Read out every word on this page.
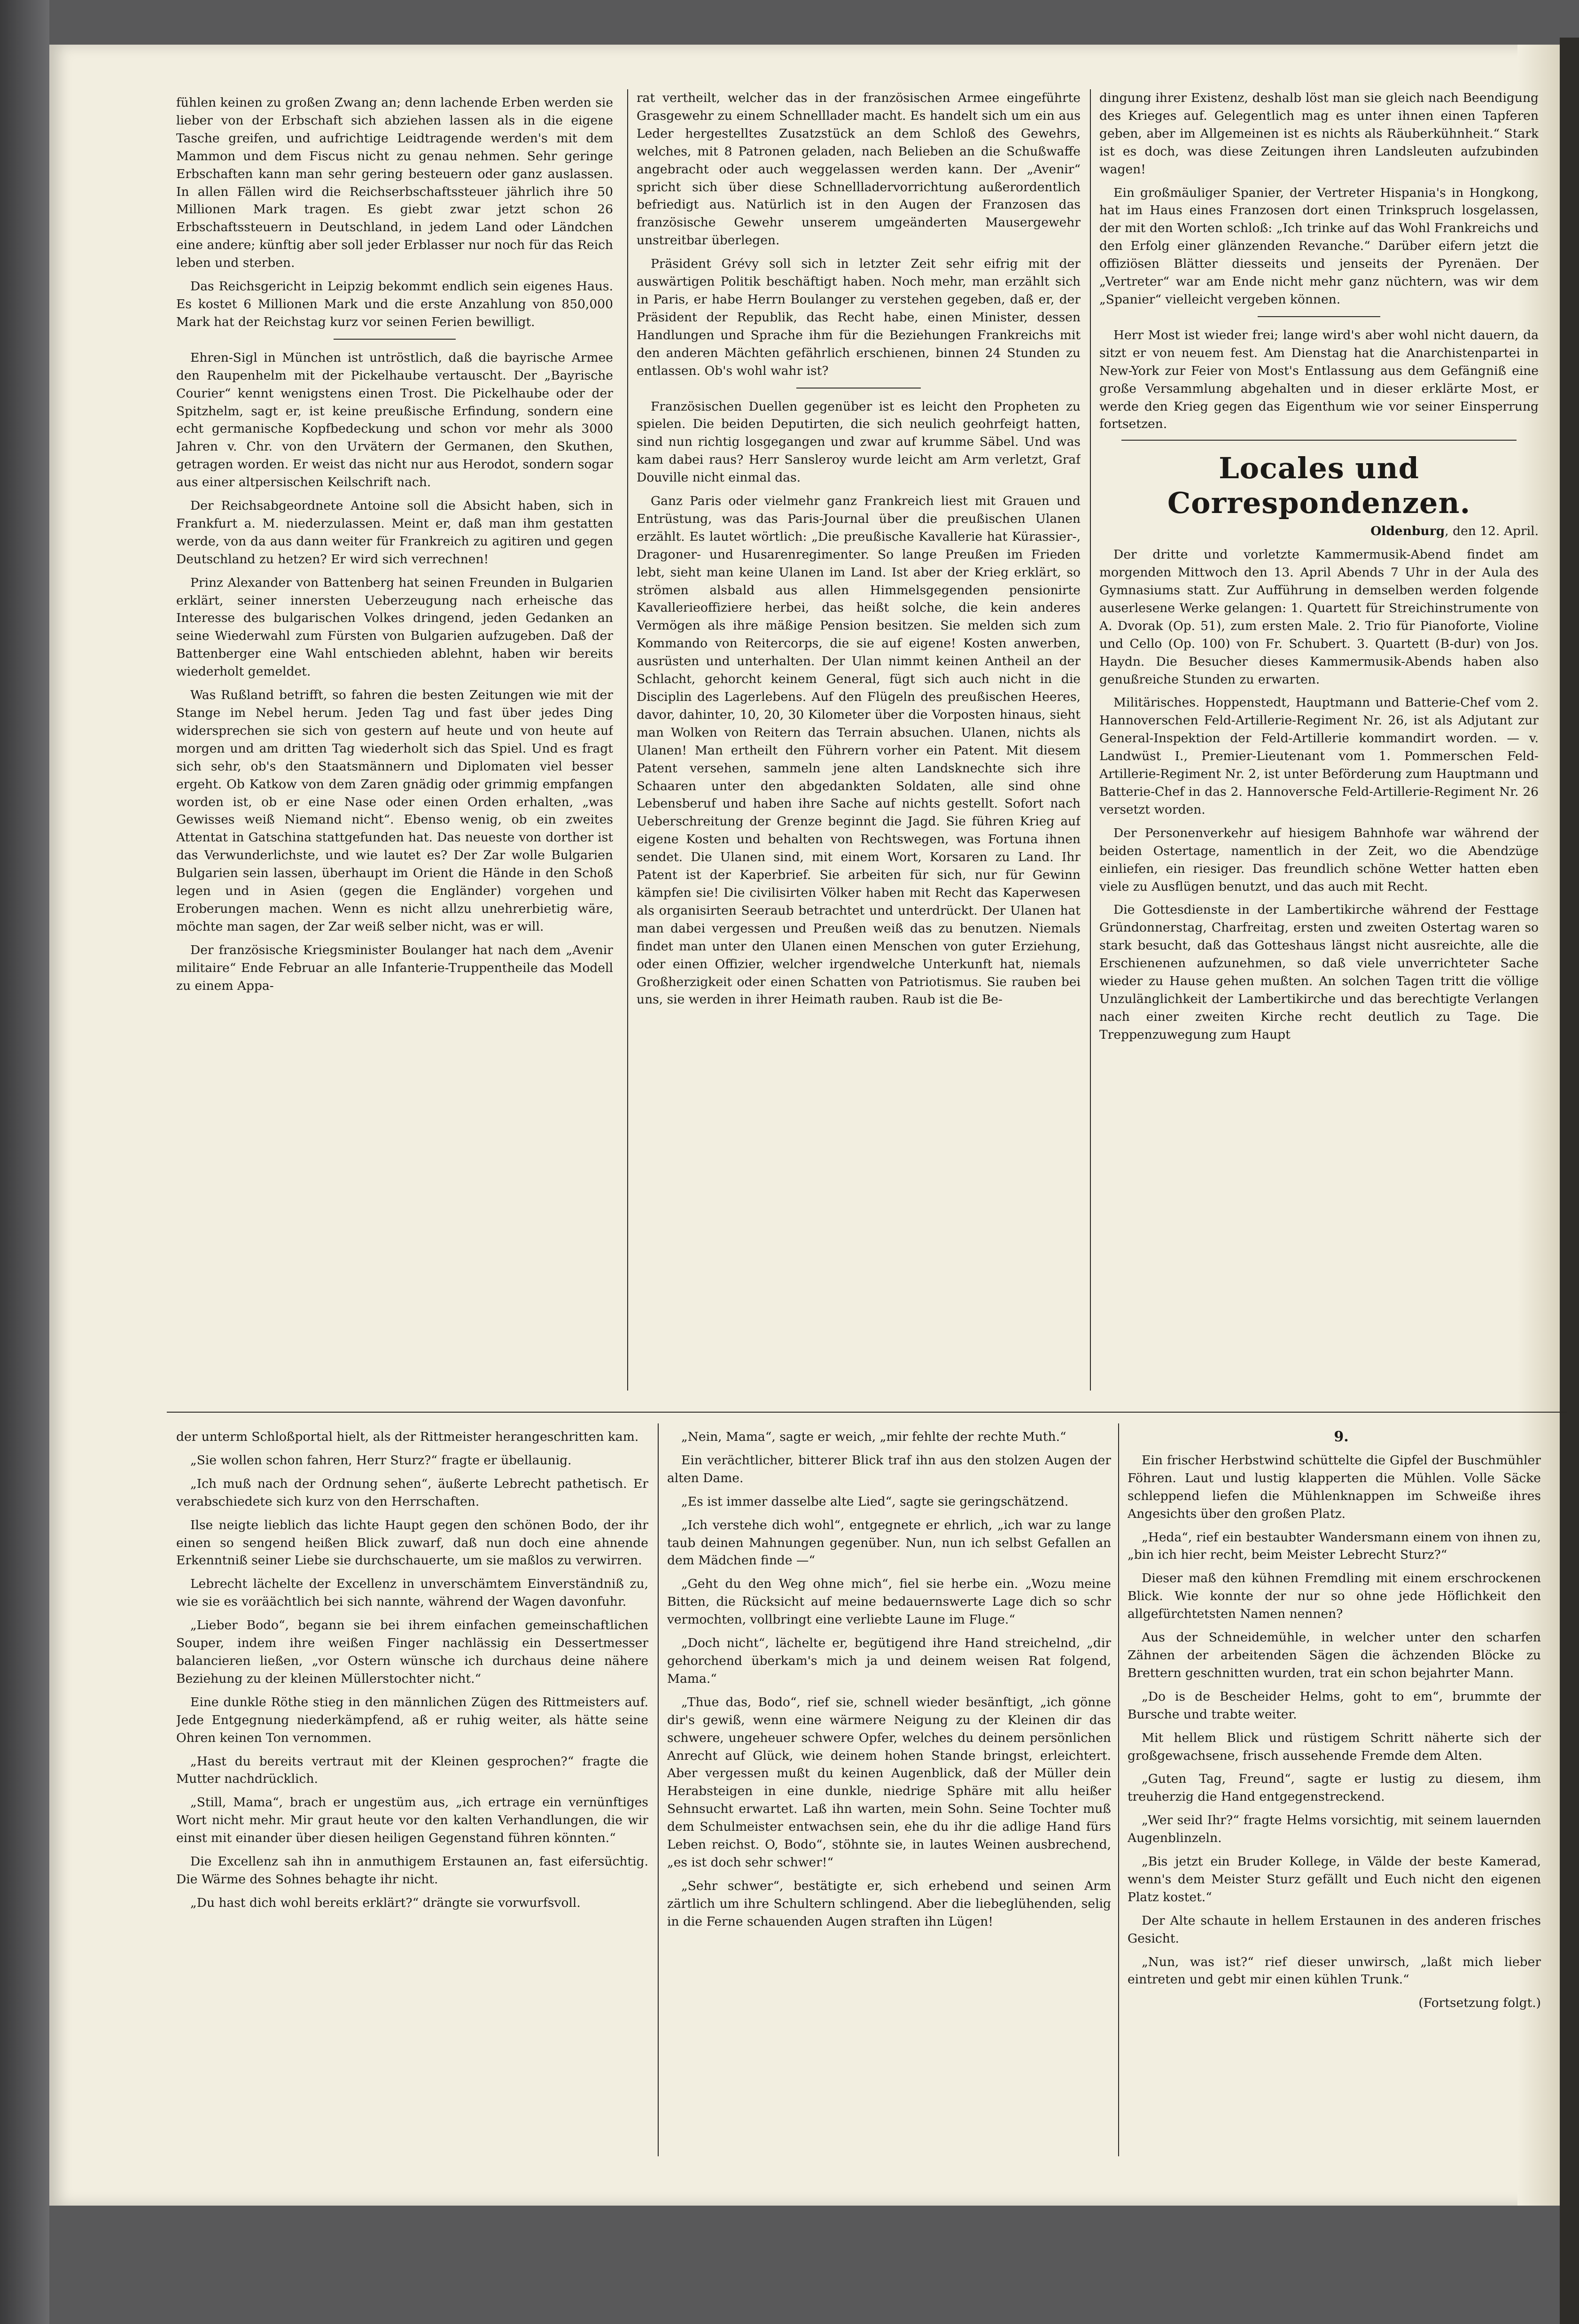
fühlen keinen zu großen Zwang an; denn lachende Erben werden sie lieber von der Erbschaft sich abziehen lassen als in die eigene Tasche greifen, und aufrichtige Leidtragende werden's mit dem Mammon und dem Fiscus nicht zu genau nehmen. Sehr geringe Erbschaften kann man sehr gering besteuern oder ganz auslassen. In allen Fällen wird die Reichserbschaftssteuer jährlich ihre 50 Millionen Mark tragen. Es giebt zwar jetzt schon 26 Erbschaftssteuern in Deutschland, in jedem Land oder Ländchen eine andere; künftig aber soll jeder Erblasser nur noch für das Reich leben und sterben.

Das Reichsgericht in Leipzig bekommt endlich sein eigenes Haus. Es kostet 6 Millionen Mark und die erste Anzahlung von 850,000 Mark hat der Reichstag kurz vor seinen Ferien bewilligt.

Ehren-Sigl in München ist untröstlich, daß die bayrische Armee den Raupenhelm mit der Pickelhaube vertauscht. Der „Bayrische Courier“ kennt wenigstens einen Trost. Die Pickelhaube oder der Spitzhelm, sagt er, ist keine preußische Erfindung, sondern eine echt germanische Kopfbedeckung und schon vor mehr als 3000 Jahren v. Chr. von den Urvätern der Germanen, den Skuthen, getragen worden. Er weist das nicht nur aus Herodot, sondern sogar aus einer altpersischen Keilschrift nach.

Der Reichsabgeordnete Antoine soll die Absicht haben, sich in Frankfurt a. M. niederzulassen. Meint er, daß man ihm gestatten werde, von da aus dann weiter für Frankreich zu agitiren und gegen Deutschland zu hetzen? Er wird sich verrechnen!

Prinz Alexander von Battenberg hat seinen Freunden in Bulgarien erklärt, seiner innersten Ueberzeugung nach erheische das Interesse des bulgarischen Volkes dringend, jeden Gedanken an seine Wiederwahl zum Fürsten von Bulgarien aufzugeben. Daß der Battenberger eine Wahl entschieden ablehnt, haben wir bereits wiederholt gemeldet.

Was Rußland betrifft, so fahren die besten Zeitungen wie mit der Stange im Nebel herum. Jeden Tag und fast über jedes Ding widersprechen sie sich von gestern auf heute und von heute auf morgen und am dritten Tag wiederholt sich das Spiel. Und es fragt sich sehr, ob's den Staatsmännern und Diplomaten viel besser ergeht. Ob Katkow von dem Zaren gnädig oder grimmig empfangen worden ist, ob er eine Nase oder einen Orden erhalten, „was Gewisses weiß Niemand nicht“. Ebenso wenig, ob ein zweites Attentat in Gatschina stattgefunden hat. Das neueste von dorther ist das Verwunderlichste, und wie lautet es? Der Zar wolle Bulgarien Bulgarien sein lassen, überhaupt im Orient die Hände in den Schoß legen und in Asien (gegen die Engländer) vorgehen und Eroberungen machen. Wenn es nicht allzu unehrerbietig wäre, möchte man sagen, der Zar weiß selber nicht, was er will.

Der französische Kriegsminister Boulanger hat nach dem „Avenir militaire“ Ende Februar an alle Infanterie-Truppentheile das Modell zu einem Appa-

rat vertheilt, welcher das in der französischen Armee eingeführte Grasgewehr zu einem Schnelllader macht. Es handelt sich um ein aus Leder hergestelltes Zusatzstück an dem Schloß des Gewehrs, welches, mit 8 Patronen geladen, nach Belieben an die Schußwaffe angebracht oder auch weggelassen werden kann. Der „Avenir“ spricht sich über diese Schnellladervorrichtung außerordentlich befriedigt aus. Natürlich ist in den Augen der Franzosen das französische Gewehr unserem umgeänderten Mausergewehr unstreitbar überlegen.

Präsident Grévy soll sich in letzter Zeit sehr eifrig mit der auswärtigen Politik beschäftigt haben. Noch mehr, man erzählt sich in Paris, er habe Herrn Boulanger zu verstehen gegeben, daß er, der Präsident der Republik, das Recht habe, einen Minister, dessen Handlungen und Sprache ihm für die Beziehungen Frankreichs mit den anderen Mächten gefährlich erschienen, binnen 24 Stunden zu entlassen. Ob's wohl wahr ist?

Französischen Duellen gegenüber ist es leicht den Propheten zu spielen. Die beiden Deputirten, die sich neulich geohrfeigt hatten, sind nun richtig losgegangen und zwar auf krumme Säbel. Und was kam dabei raus? Herr Sansleroy wurde leicht am Arm verletzt, Graf Douville nicht einmal das.

Ganz Paris oder vielmehr ganz Frankreich liest mit Grauen und Entrüstung, was das Paris-Journal über die preußischen Ulanen erzählt. Es lautet wörtlich: „Die preußische Kavallerie hat Kürassier-, Dragoner- und Husarenregimenter. So lange Preußen im Frieden lebt, sieht man keine Ulanen im Land. Ist aber der Krieg erklärt, so strömen alsbald aus allen Himmelsgegenden pensionirte Kavallerieoffiziere herbei, das heißt solche, die kein anderes Vermögen als ihre mäßige Pension besitzen. Sie melden sich zum Kommando von Reitercorps, die sie auf eigene! Kosten anwerben, ausrüsten und unterhalten. Der Ulan nimmt keinen Antheil an der Schlacht, gehorcht keinem General, fügt sich auch nicht in die Disciplin des Lagerlebens. Auf den Flügeln des preußischen Heeres, davor, dahinter, 10, 20, 30 Kilometer über die Vorposten hinaus, sieht man Wolken von Reitern das Terrain absuchen. Ulanen, nichts als Ulanen! Man ertheilt den Führern vorher ein Patent. Mit diesem Patent versehen, sammeln jene alten Landsknechte sich ihre Schaaren unter den abgedankten Soldaten, alle sind ohne Lebensberuf und haben ihre Sache auf nichts gestellt. Sofort nach Ueberschreitung der Grenze beginnt die Jagd. Sie führen Krieg auf eigene Kosten und behalten von Rechtswegen, was Fortuna ihnen sendet. Die Ulanen sind, mit einem Wort, Korsaren zu Land. Ihr Patent ist der Kaperbrief. Sie arbeiten für sich, nur für Gewinn kämpfen sie! Die civilisirten Völker haben mit Recht das Kaperwesen als organisirten Seeraub betrachtet und unterdrückt. Der Ulanen hat man dabei vergessen und Preußen weiß das zu benutzen. Niemals findet man unter den Ulanen einen Menschen von guter Erziehung, oder einen Offizier, welcher irgendwelche Unterkunft hat, niemals Großherzigkeit oder einen Schatten von Patriotismus. Sie rauben bei uns, sie werden in ihrer Heimath rauben. Raub ist die Be-

dingung ihrer Existenz, deshalb löst man sie gleich nach Beendigung des Krieges auf. Gelegentlich mag es unter ihnen einen Tapferen geben, aber im Allgemeinen ist es nichts als Räuberkühnheit.“ Stark ist es doch, was diese Zeitungen ihren Landsleuten aufzubinden wagen!

Ein großmäuliger Spanier, der Vertreter Hispania's in Hongkong, hat im Haus eines Franzosen dort einen Trinkspruch losgelassen, der mit den Worten schloß: „Ich trinke auf das Wohl Frankreichs und den Erfolg einer glänzenden Revanche.“ Darüber eifern jetzt die offiziösen Blätter diesseits und jenseits der Pyrenäen. Der „Vertreter“ war am Ende nicht mehr ganz nüchtern, was wir dem „Spanier“ vielleicht vergeben können.

Herr Most ist wieder frei; lange wird's aber wohl nicht dauern, da sitzt er von neuem fest. Am Dienstag hat die Anarchistenpartei in New-York zur Feier von Most's Entlassung aus dem Gefängniß eine große Versammlung abgehalten und in dieser erklärte Most, er werde den Krieg gegen das Eigenthum wie vor seiner Einsperrung fortsetzen.

Locales und Correspondenzen.

Oldenburg, den 12. April.

Der dritte und vorletzte Kammermusik-Abend findet am morgenden Mittwoch den 13. April Abends 7 Uhr in der Aula des Gymnasiums statt. Zur Aufführung in demselben werden folgende auserlesene Werke gelangen: 1. Quartett für Streichinstrumente von A. Dvorak (Op. 51), zum ersten Male. 2. Trio für Pianoforte, Violine und Cello (Op. 100) von Fr. Schubert. 3. Quartett (B-dur) von Jos. Haydn. Die Besucher dieses Kammermusik-Abends haben also genußreiche Stunden zu erwarten.

Militärisches. Hoppenstedt, Hauptmann und Batterie-Chef vom 2. Hannoverschen Feld-Artillerie-Regiment Nr. 26, ist als Adjutant zur General-Inspektion der Feld-Artillerie kommandirt worden. — v. Landwüst I., Premier-Lieutenant vom 1. Pommerschen Feld-Artillerie-Regiment Nr. 2, ist unter Beförderung zum Hauptmann und Batterie-Chef in das 2. Hannoversche Feld-Artillerie-Regiment Nr. 26 versetzt worden.

Der Personenverkehr auf hiesigem Bahnhofe war während der beiden Ostertage, namentlich in der Zeit, wo die Abendzüge einliefen, ein riesiger. Das freundlich schöne Wetter hatten eben viele zu Ausflügen benutzt, und das auch mit Recht.

Die Gottesdienste in der Lambertikirche während der Festtage Gründonnerstag, Charfreitag, ersten und zweiten Ostertag waren so stark besucht, daß das Gotteshaus längst nicht ausreichte, alle die Erschienenen aufzunehmen, so daß viele unverrichteter Sache wieder zu Hause gehen mußten. An solchen Tagen tritt die völlige Unzulänglichkeit der Lambertikirche und das berechtigte Verlangen nach einer zweiten Kirche recht deutlich zu Tage. Die Treppenzuwegung zum Haupt

der unterm Schloßportal hielt, als der Rittmeister herangeschritten kam.

„Sie wollen schon fahren, Herr Sturz?“ fragte er übellaunig.

„Ich muß nach der Ordnung sehen“, äußerte Lebrecht pathetisch. Er verabschiedete sich kurz von den Herrschaften.

Ilse neigte lieblich das lichte Haupt gegen den schönen Bodo, der ihr einen so sengend heißen Blick zuwarf, daß nun doch eine ahnende Erkenntniß seiner Liebe sie durchschauerte, um sie maßlos zu verwirren.

Lebrecht lächelte der Excellenz in unverschämtem Einverständniß zu, wie sie es voräächtlich bei sich nannte, während der Wagen davonfuhr.

„Lieber Bodo“, begann sie bei ihrem einfachen gemeinschaftlichen Souper, indem ihre weißen Finger nachlässig ein Dessertmesser balancieren ließen, „vor Ostern wünsche ich durchaus deine nähere Beziehung zu der kleinen Müllerstochter nicht.“

Eine dunkle Röthe stieg in den männlichen Zügen des Rittmeisters auf. Jede Entgegnung niederkämpfend, aß er ruhig weiter, als hätte seine Ohren keinen Ton vernommen.

„Hast du bereits vertraut mit der Kleinen gesprochen?“ fragte die Mutter nachdrücklich.

„Still, Mama“, brach er ungestüm aus, „ich ertrage ein vernünftiges Wort nicht mehr. Mir graut heute vor den kalten Verhandlungen, die wir einst mit einander über diesen heiligen Gegenstand führen könnten.“

Die Excellenz sah ihn in anmuthigem Erstaunen an, fast eifersüchtig. Die Wärme des Sohnes behagte ihr nicht.

„Du hast dich wohl bereits erklärt?“ drängte sie vorwurfsvoll.

„Nein, Mama“, sagte er weich, „mir fehlte der rechte Muth.“

Ein verächtlicher, bitterer Blick traf ihn aus den stolzen Augen der alten Dame.

„Es ist immer dasselbe alte Lied“, sagte sie geringschätzend.

„Ich verstehe dich wohl“, entgegnete er ehrlich, „ich war zu lange taub deinen Mahnungen gegenüber. Nun, nun ich selbst Gefallen an dem Mädchen finde —“

„Geht du den Weg ohne mich“, fiel sie herbe ein. „Wozu meine Bitten, die Rücksicht auf meine bedauernswerte Lage dich so schr vermochten, vollbringt eine verliebte Laune im Fluge.“

„Doch nicht“, lächelte er, begütigend ihre Hand streichelnd, „dir gehorchend überkam's mich ja und deinem weisen Rat folgend, Mama.“

„Thue das, Bodo“, rief sie, schnell wieder besänftigt, „ich gönne dir's gewiß, wenn eine wärmere Neigung zu der Kleinen dir das schwere, ungeheuer schwere Opfer, welches du deinem persönlichen Anrecht auf Glück, wie deinem hohen Stande bringst, erleichtert. Aber vergessen mußt du keinen Augenblick, daß der Müller dein Herabsteigen in eine dunkle, niedrige Sphäre mit allu heißer Sehnsucht erwartet. Laß ihn warten, mein Sohn. Seine Tochter muß dem Schulmeister entwachsen sein, ehe du ihr die adlige Hand fürs Leben reichst. O, Bodo“, stöhnte sie, in lautes Weinen ausbrechend, „es ist doch sehr schwer!“

„Sehr schwer“, bestätigte er, sich erhebend und seinen Arm zärtlich um ihre Schultern schlingend. Aber die liebeglühenden, selig in die Ferne schauenden Augen straften ihn Lügen!

9.

Ein frischer Herbstwind schüttelte die Gipfel der Buschmühler Föhren. Laut und lustig klapperten die Mühlen. Volle Säcke schleppend liefen die Mühlenknappen im Schweiße ihres Angesichts über den großen Platz.

„Heda“, rief ein bestaubter Wandersmann einem von ihnen zu, „bin ich hier recht, beim Meister Lebrecht Sturz?“

Dieser maß den kühnen Fremdling mit einem erschrockenen Blick. Wie konnte der nur so ohne jede Höflichkeit den allgefürchtetsten Namen nennen?

Aus der Schneidemühle, in welcher unter den scharfen Zähnen der arbeitenden Sägen die ächzenden Blöcke zu Brettern geschnitten wurden, trat ein schon bejahrter Mann.

„Do is de Bescheider Helms, goht to em“, brummte der Bursche und trabte weiter.

Mit hellem Blick und rüstigem Schritt näherte sich der großgewachsene, frisch aussehende Fremde dem Alten.

„Guten Tag, Freund“, sagte er lustig zu diesem, ihm treuherzig die Hand entgegenstreckend.

„Wer seid Ihr?“ fragte Helms vorsichtig, mit seinem lauernden Augenblinzeln.

„Bis jetzt ein Bruder Kollege, in Välde der beste Kamerad, wenn's dem Meister Sturz gefällt und Euch nicht den eigenen Platz kostet.“

Der Alte schaute in hellem Erstaunen in des anderen frisches Gesicht.

„Nun, was ist?“ rief dieser unwirsch, „laßt mich lieber eintreten und gebt mir einen kühlen Trunk.“

(Fortsetzung folgt.)
